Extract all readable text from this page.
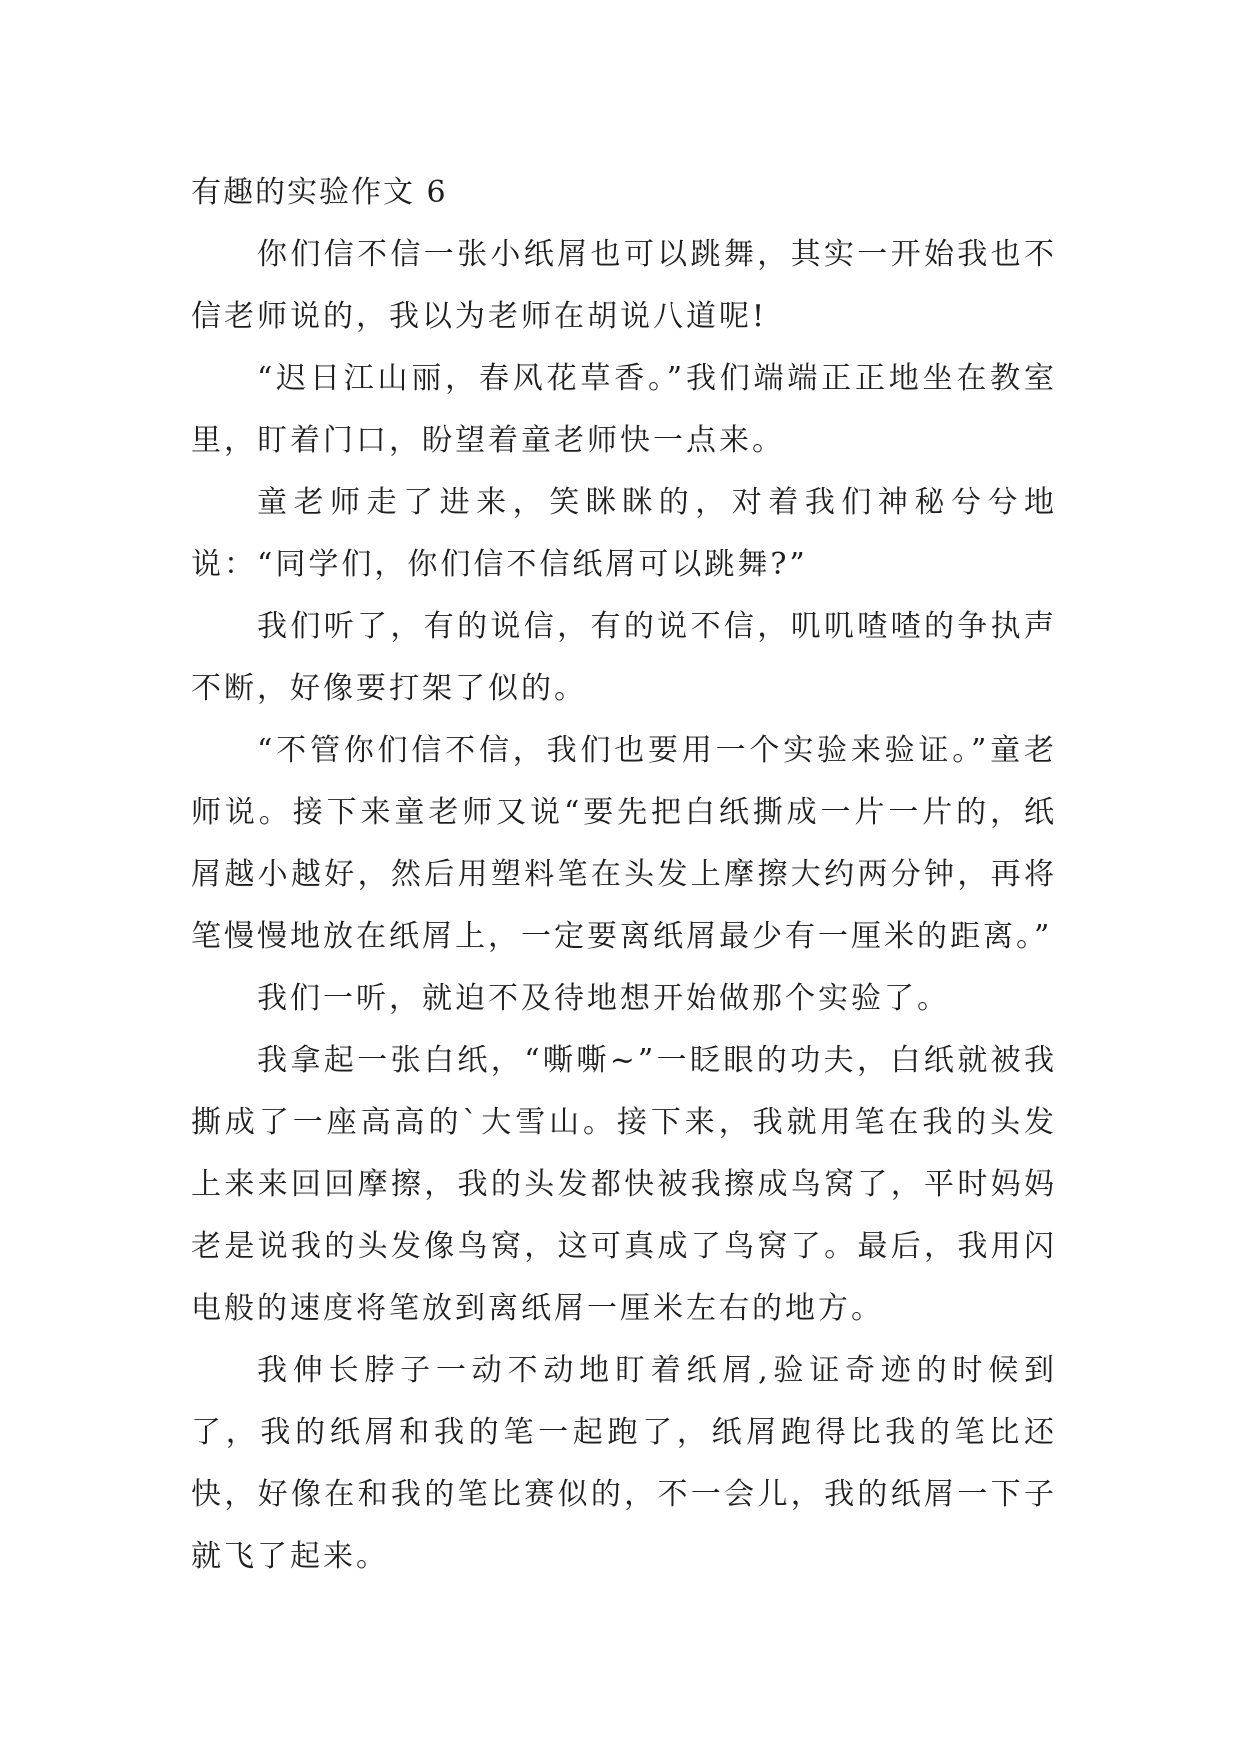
有趣的实验作文 6

你们信不信一张小纸屑也可以跳舞，其实一开始我也不信老师说的，我以为老师在胡说八道呢!

“迟日江山丽，春风花草香。”我们端端正正地坐在教室里，盯着门口，盼望着童老师快一点来。

童老师走了进来，笑眯眯的，对着我们神秘兮兮地说：“同学们，你们信不信纸屑可以跳舞?”

我们听了，有的说信，有的说不信，叽叽喳喳的争执声不断，好像要打架了似的。

“不管你们信不信，我们也要用一个实验来验证。”童老师说。接下来童老师又说“要先把白纸撕成一片一片的，纸屑越小越好，然后用塑料笔在头发上摩擦大约两分钟，再将笔慢慢地放在纸屑上，一定要离纸屑最少有一厘米的距离。”

我们一听，就迫不及待地想开始做那个实验了。

我拿起一张白纸，“嘶嘶~”一眨眼的功夫，白纸就被我撕成了一座高高的`大雪山。接下来，我就用笔在我的头发上来来回回摩擦，我的头发都快被我擦成鸟窝了，平时妈妈老是说我的头发像鸟窝，这可真成了鸟窝了。最后，我用闪电般的速度将笔放到离纸屑一厘米左右的地方。

我伸长脖子一动不动地盯着纸屑,验证奇迹的时候到了，我的纸屑和我的笔一起跑了，纸屑跑得比我的笔比还快，好像在和我的笔比赛似的，不一会儿，我的纸屑一下子就飞了起来。
